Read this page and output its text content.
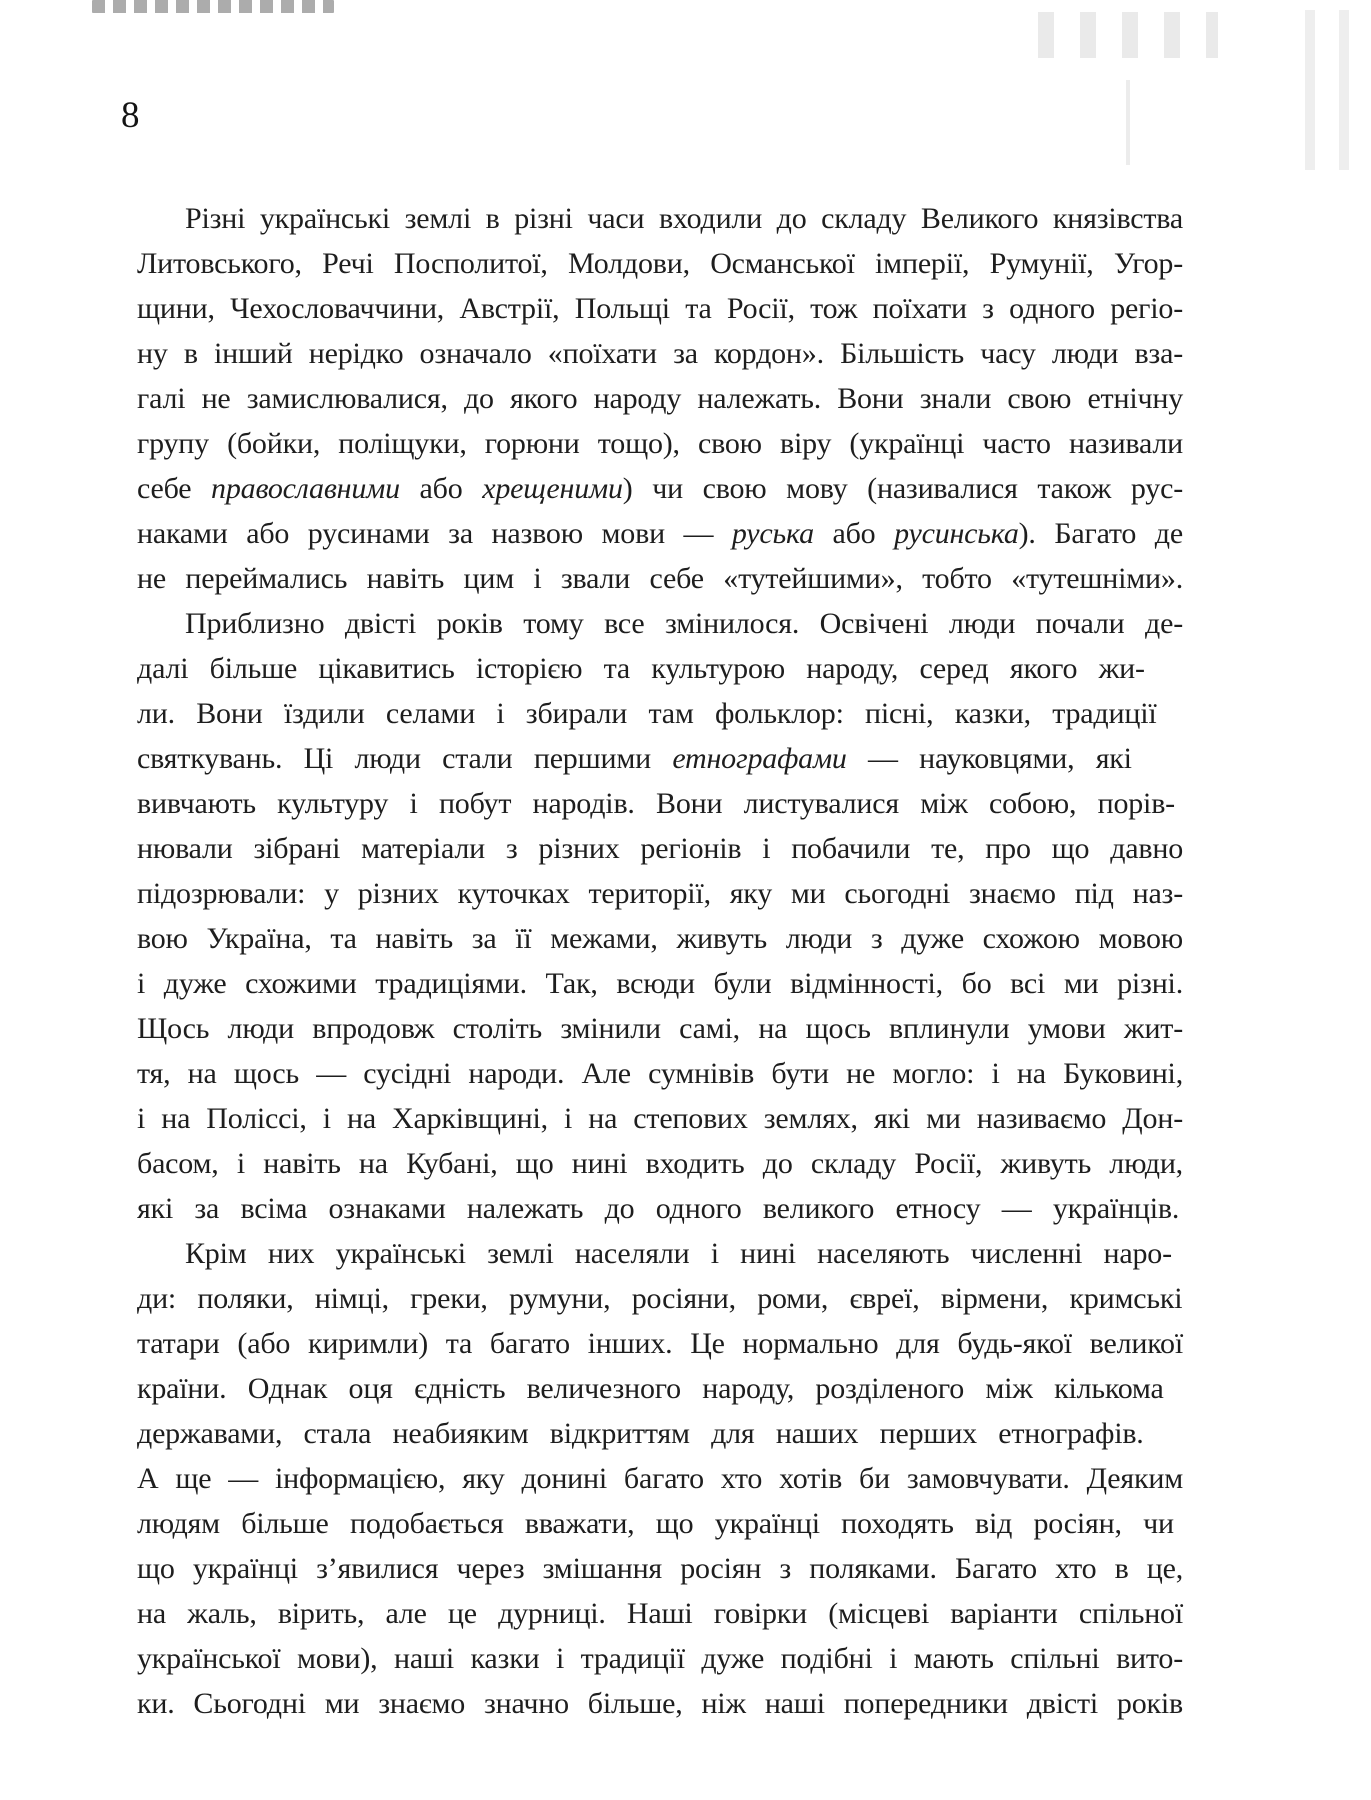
8
Різні українські землі в різні часи входили до складу Великого князівства
Литовського, Речі Посполитої, Молдови, Османської імперії, Румунії, Угор-
щини, Чехословаччини, Австрії, Польщі та Росії, тож поїхати з одного регіо-
ну в інший нерідко означало «поїхати за кордон». Більшість часу люди вза-
галі не замислювалися, до якого народу належать. Вони знали свою етнічну
групу (бойки, поліщуки, горюни тощо), свою віру (українці часто називали
себе православними або хрещеними) чи свою мову (називалися також рус-
наками або русинами за назвою мови — руська або русинська). Багато де
не переймались навіть цим і звали себе «тутейшими», тобто «тутешніми».
Приблизно двісті років тому все змінилося. Освічені люди почали де-
далі більше цікавитись історією та культурою народу, серед якого жи-
ли. Вони їздили селами і збирали там фольклор: пісні, казки, традиції
святкувань. Ці люди стали першими етнографами — науковцями, які
вивчають культуру і побут народів. Вони листувалися між собою, порів-
нювали зібрані матеріали з різних регіонів і побачили те, про що давно
підозрювали: у різних куточках території, яку ми сьогодні знаємо під наз-
вою Україна, та навіть за її межами, живуть люди з дуже схожою мовою
і дуже схожими традиціями. Так, всюди були відмінності, бо всі ми різні.
Щось люди впродовж століть змінили самі, на щось вплинули умови жит-
тя, на щось — сусідні народи. Але сумнівів бути не могло: і на Буковині,
і на Поліссі, і на Харківщині, і на степових землях, які ми називаємо Дон-
басом, і навіть на Кубані, що нині входить до складу Росії, живуть люди,
які за всіма ознаками належать до одного великого етносу — українців.
Крім них українські землі населяли і нині населяють численні наро-
ди: поляки, німці, греки, румуни, росіяни, роми, євреї, вірмени, кримські
татари (або киримли) та багато інших. Це нормально для будь-якої великої
країни. Однак оця єдність величезного народу, розділеного між кількома
державами, стала неабияким відкриттям для наших перших етнографів.
А ще — інформацією, яку донині багато хто хотів би замовчувати. Деяким
людям більше подобається вважати, що українці походять від росіян, чи
що українці з’явилися через змішання росіян з поляками. Багато хто в це,
на жаль, вірить, але це дурниці. Наші говірки (місцеві варіанти спільної
української мови), наші казки і традиції дуже подібні і мають спільні вито-
ки. Сьогодні ми знаємо значно більше, ніж наші попередники двісті років
